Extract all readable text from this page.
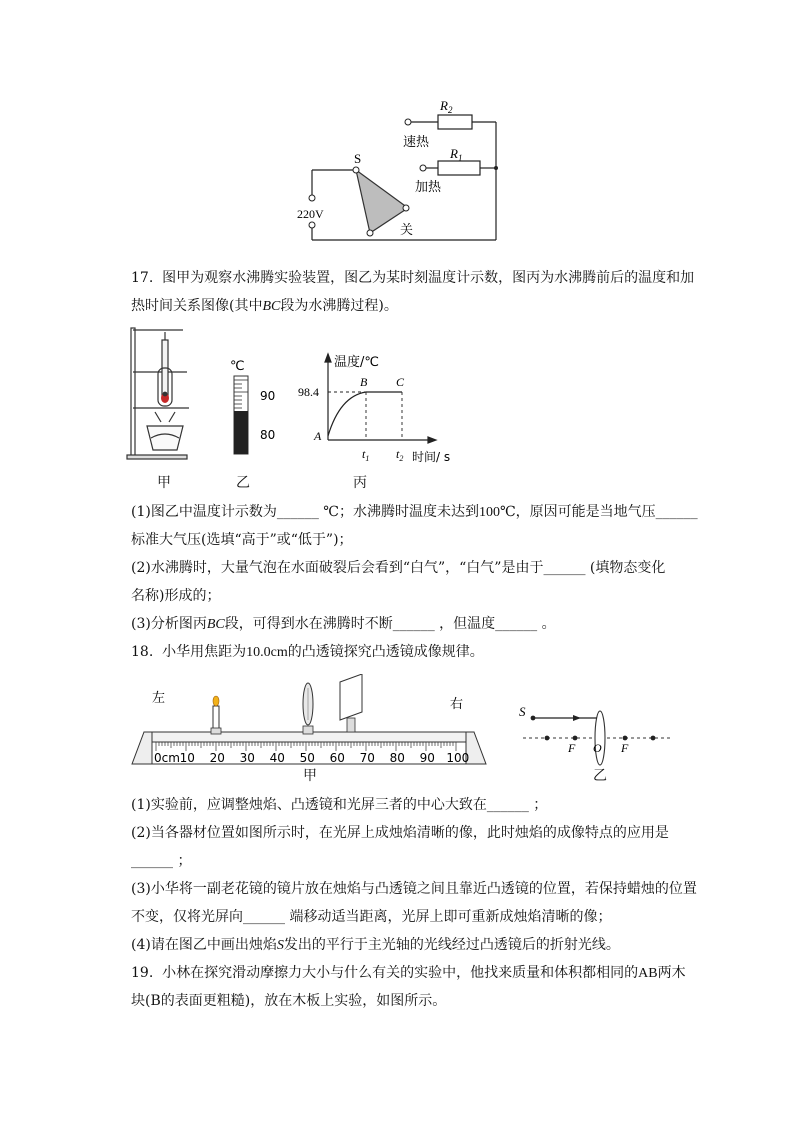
$R_2$
速热
$R_1$
加热
S
220V
关
17. 图甲为观察水沸腾实验装置，图乙为某时刻温度计示数，图丙为水沸腾前后的温度和加
热时间关系图像(其中BC段为水沸腾过程)。
甲
℃
90
80
乙
温度/℃
98.4
A
B C
$t_1$ $t_2$ 时间/ s
丙
(1)图乙中温度计示数为______ ℃；水沸腾时温度未达到100℃，原因可能是当地气压______
标准大气压(选填“高于”或“低于”)；
(2)水沸腾时，大量气泡在水面破裂后会看到“白气”，“白气”是由于______ (填物态变化
名称)形成的；
(3)分析图丙BC段，可得到水在沸腾时不断______ ，但温度______ 。
18. 小华用焦距为10.0cm的凸透镜探究凸透镜成像规律。
左	右
0cm 10 20 30 40 50 60 70 80 90 100
甲
S
F O F
乙
(1)实验前，应调整烛焰、凸透镜和光屏三者的中心大致在______ ；
(2)当各器材位置如图所示时，在光屏上成烛焰清晰的像，此时烛焰的成像特点的应用是
______ ；
(3)小华将一副老花镜的镜片放在烛焰与凸透镜之间且靠近凸透镜的位置，若保持蜡烛的位置
不变，仅将光屏向______ 端移动适当距离，光屏上即可重新成烛焰清晰的像；
(4)请在图乙中画出烛焰S发出的平行于主光轴的光线经过凸透镜后的折射光线。
19. 小林在探究滑动摩擦力大小与什么有关的实验中，他找来质量和体积都相同的AB两木
块(B的表面更粗糙)，放在木板上实验，如图所示。
